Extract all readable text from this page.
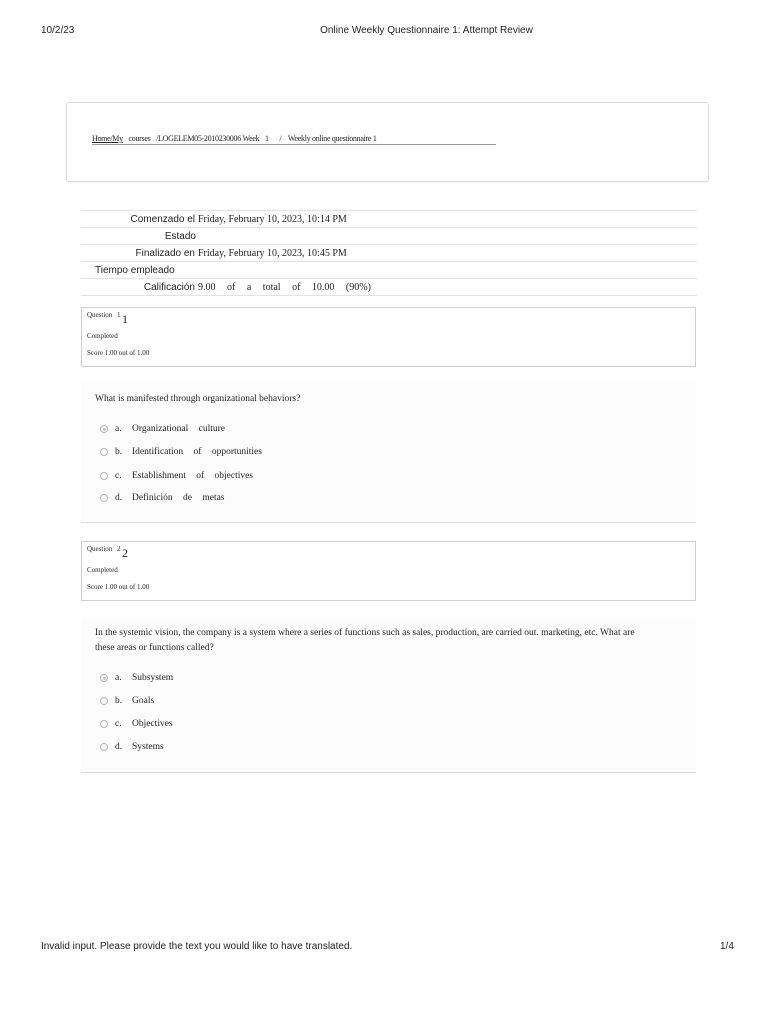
10/2/23	Online Weekly Questionnaire 1: Attempt Review
Home/My courses /LOGELEM05-2010230006 Week 1 / Weekly online questionnaire 1
Comenzado el	Friday, February 10, 2023, 10:14 PM
Estado	
Finalizado en	Friday, February 10, 2023, 10:45 PM
Tiempo empleado	
Calificación	9.00 of a total of 10.00 (90%)
Question 1 1
Completed
Score 1.00 out of 1.00
What is manifested through organizational behaviors?
a.	Organizational culture
b.	Identification of opportunities
c.	Establishment of objectives
d.	Definición de metas
Question 2 2
Completed
Score 1.00 out of 1.00
In the systemic vision, the company is a system where a series of functions such as sales, production, are carried out. marketing, etc. What are these areas or functions called?
a.	Subsystem
b.	Goals
c.	Objectives
d.	Systems
Invalid input. Please provide the text you would like to have translated.	1/4
